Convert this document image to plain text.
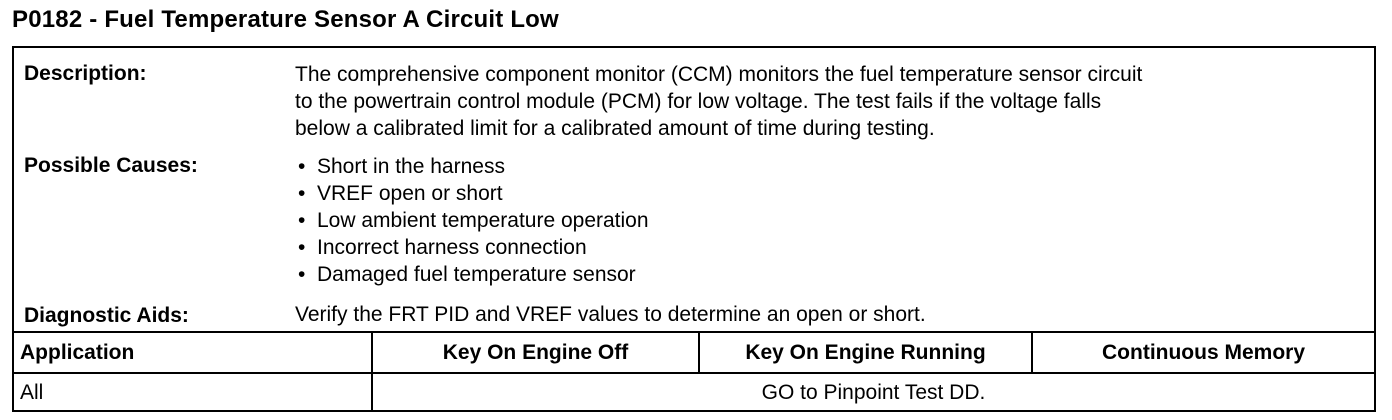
P0182 - Fuel Temperature Sensor A Circuit Low
Description:	The comprehensive component monitor (CCM) monitors the fuel temperature sensor circuit
to the powertrain control module (PCM) for low voltage. The test fails if the voltage falls
below a calibrated limit for a calibrated amount of time during testing.
Possible Causes:
•	Short in the harness
• VREF open or short
• Low ambient temperature operation
• Incorrect harness connection
• Damaged fuel temperature sensor
Diagnostic Aids:	Verify the FRT PID and VREF values to determine an open or short.
Application	Key On Engine Off	Key On Engine Running	Continuous Memory
All	GO to Pinpoint Test DD.
